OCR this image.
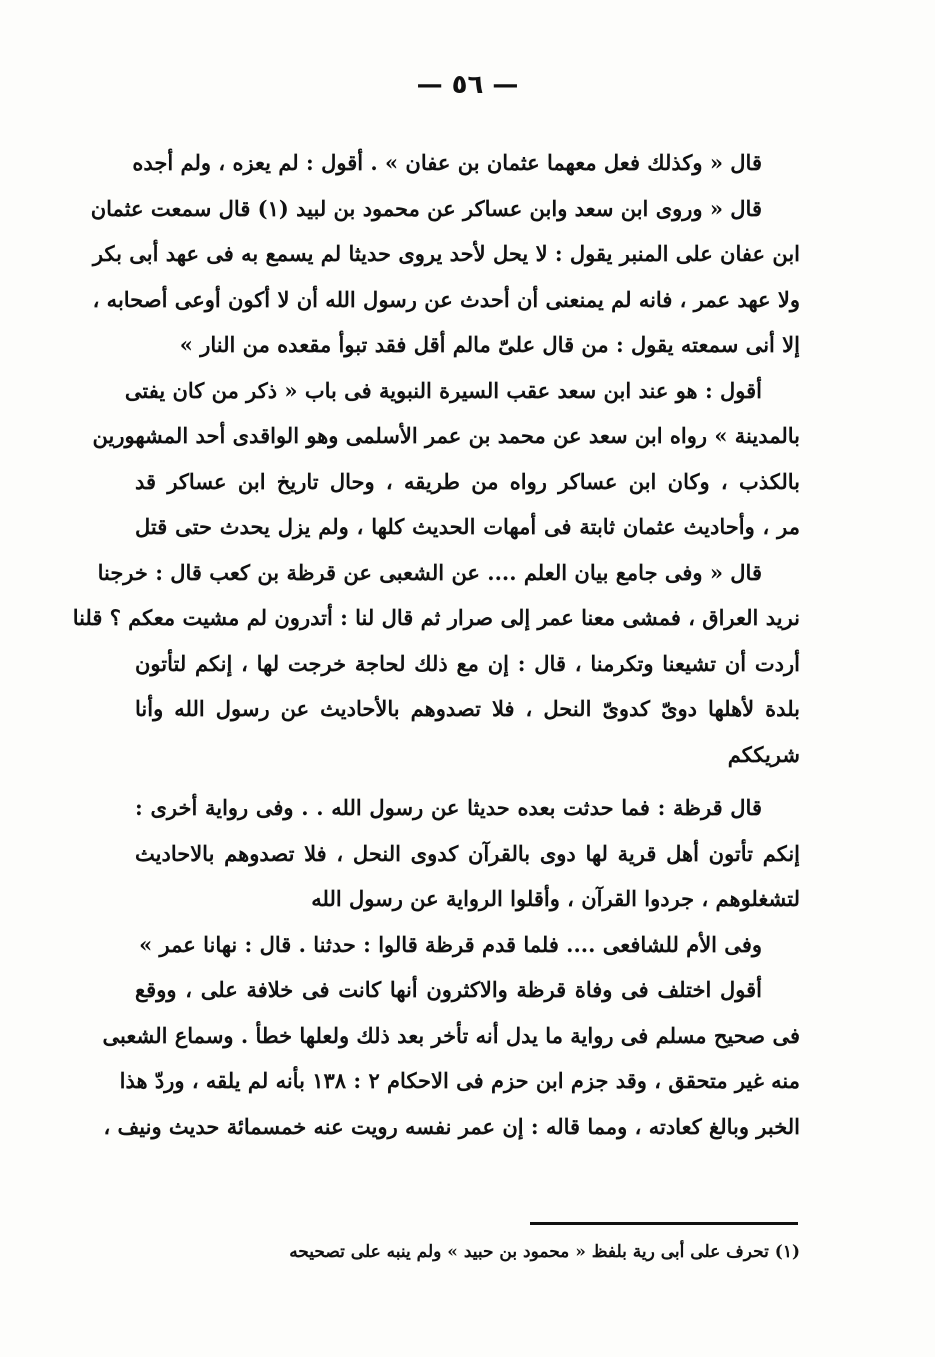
— ٥٦ —
قال « وكذلك فعل معهما عثمان بن عفان » . أقول : لم يعزه ، ولم أجده
قال « وروى ابن سعد وابن عساكر عن محمود بن لبيد (١) قال سمعت عثمان
ابن عفان على المنبر يقول : لا يحل لأحد يروى حديثا لم يسمع به فى عهد أبى بكر
ولا عهد عمر ، فانه لم يمنعنى أن أحدث عن رسول الله أن لا أكون أوعى أصحابه ،
إلا أنى سمعته يقول : من قال علىّ مالم أقل فقد تبوأ مقعده من النار »
أقول : هو عند ابن سعد عقب السيرة النبوية فى باب « ذكر من كان يفتى
بالمدينة » رواه ابن سعد عن محمد بن عمر الأسلمى وهو الواقدى أحد المشهورين
بالكذب ، وكان ابن عساكر رواه من طريقه ، وحال تاريخ ابن عساكر قد
مر ، وأحاديث عثمان ثابتة فى أمهات الحديث كلها ، ولم يزل يحدث حتى قتل
قال « وفى جامع بيان العلم .... عن الشعبى عن قرظة بن كعب قال : خرجنا
نريد العراق ، فمشى معنا عمر إلى صرار ثم قال لنا : أتدرون لم مشيت معكم ؟ قلنا
أردت أن تشيعنا وتكرمنا ، قال : إن مع ذلك لحاجة خرجت لها ، إنكم لتأتون
بلدة لأهلها دوىّ كدوىّ النحل ، فلا تصدوهم بالأحاديث عن رسول الله وأنا
شريككم
قال قرظة : فما حدثت بعده حديثا عن رسول الله . . وفى رواية أخرى :
إنكم تأتون أهل قرية لها دوى بالقرآن كدوى النحل ، فلا تصدوهم بالاحاديث
لتشغلوهم ، جردوا القرآن ، وأقلوا الرواية عن رسول الله
وفى الأم للشافعى .... فلما قدم قرظة قالوا : حدثنا . قال : نهانا عمر »
أقول اختلف فى وفاة قرظة والاكثرون أنها كانت فى خلافة على ، ووقع
فى صحيح مسلم فى رواية ما يدل أنه تأخر بعد ذلك ولعلها خطأ . وسماع الشعبى
منه غير متحقق ، وقد جزم ابن حزم فى الاحكام ٢ : ١٣٨ بأنه لم يلقه ، وردّ هذا
الخبر وبالغ كعادته ، ومما قاله : إن عمر نفسه رويت عنه خمسمائة حديث ونيف ،
(١) تحرف على أبى رية بلفظ « محمود بن حبيد » ولم ينبه على تصحيحه
